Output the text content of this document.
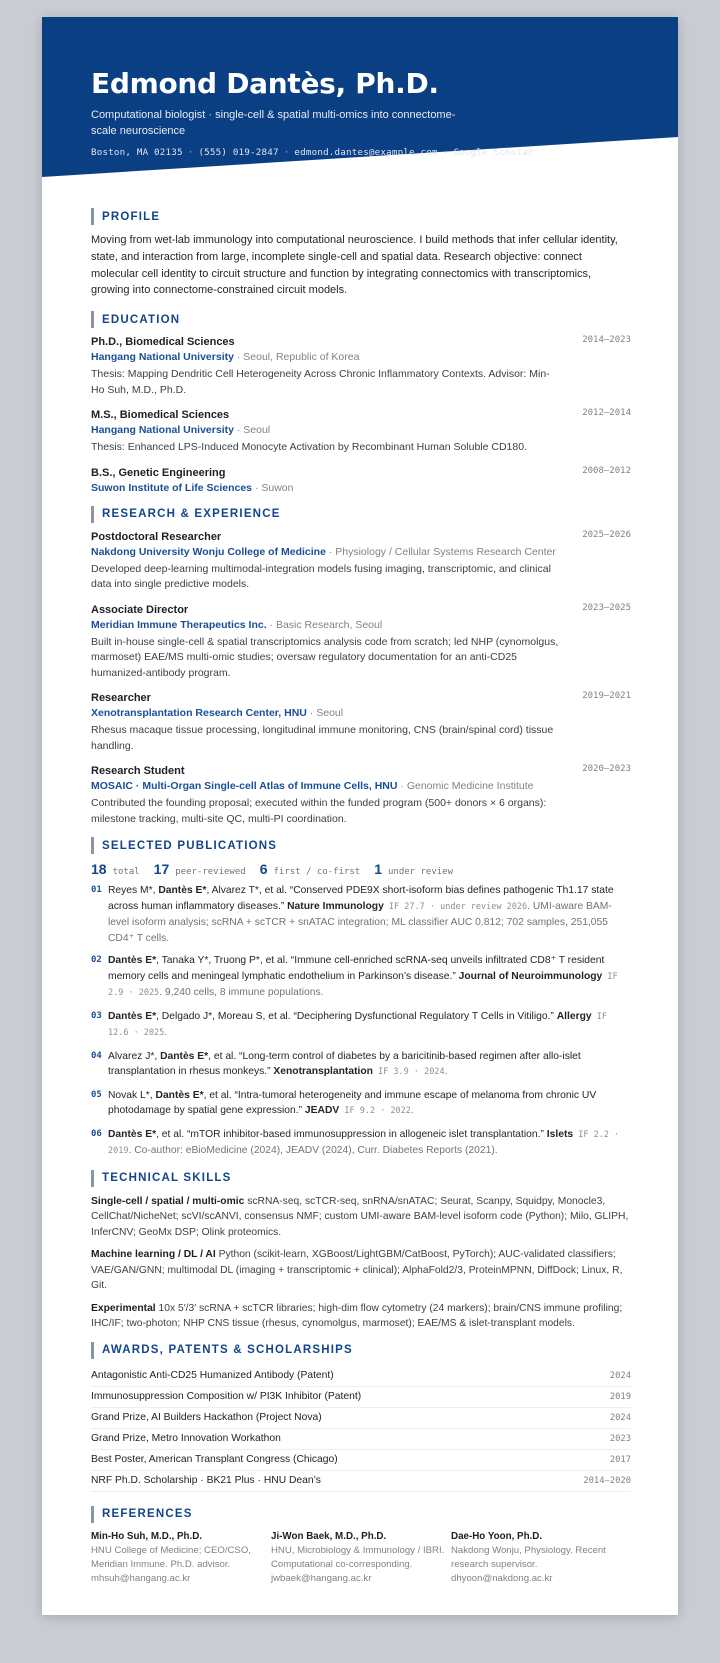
Edmond Dantès, Ph.D.
Computational biologist · single-cell & spatial multi-omics into connectome-scale neuroscience
Boston, MA 02135 · (555) 019-2847 · edmond.dantes@example.com · Google Scholar
PROFILE
Moving from wet-lab immunology into computational neuroscience. I build methods that infer cellular identity, state, and interaction from large, incomplete single-cell and spatial data. Research objective: connect molecular cell identity to circuit structure and function by integrating connectomics with transcriptomics, growing into connectome-constrained circuit models.
EDUCATION
Ph.D., Biomedical Sciences	2014–2023
Hangang National University · Seoul, Republic of Korea
Thesis: Mapping Dendritic Cell Heterogeneity Across Chronic Inflammatory Contexts. Advisor: Min-Ho Suh, M.D., Ph.D.
M.S., Biomedical Sciences	2012–2014
Hangang National University · Seoul
Thesis: Enhanced LPS-Induced Monocyte Activation by Recombinant Human Soluble CD180.
B.S., Genetic Engineering	2008–2012
Suwon Institute of Life Sciences · Suwon
RESEARCH & EXPERIENCE
Postdoctoral Researcher	2025–2026
Nakdong University Wonju College of Medicine · Physiology / Cellular Systems Research Center
Developed deep-learning multimodal-integration models fusing imaging, transcriptomic, and clinical data into single predictive models.
Associate Director	2023–2025
Meridian Immune Therapeutics Inc. · Basic Research, Seoul
Built in-house single-cell & spatial transcriptomics analysis code from scratch; led NHP (cynomolgus, marmoset) EAE/MS multi-omic studies; oversaw regulatory documentation for an anti-CD25 humanized-antibody program.
Researcher	2019–2021
Xenotransplantation Research Center, HNU · Seoul
Rhesus macaque tissue processing, longitudinal immune monitoring, CNS (brain/spinal cord) tissue handling.
Research Student	2020–2023
MOSAIC · Multi-Organ Single-cell Atlas of Immune Cells, HNU · Genomic Medicine Institute
Contributed the founding proposal; executed within the funded program (500+ donors × 6 organs): milestone tracking, multi-site QC, multi-PI coordination.
SELECTED PUBLICATIONS
18 total 17 peer-reviewed 6 first / co-first 1 under review
01 Reyes M*, Dantès E*, Alvarez T*, et al. “Conserved PDE9X short-isoform bias defines pathogenic Th1.17 state across human inflammatory diseases.” Nature Immunology IF 27.7 · under review 2026. UMI-aware BAM-level isoform analysis; scRNA + scTCR + snATAC integration; ML classifier AUC 0.812; 702 samples, 251,055 CD4⁺ T cells.
02 Dantès E*, Tanaka Y*, Truong P*, et al. “Immune cell-enriched scRNA-seq unveils infiltrated CD8⁺ T resident memory cells and meningeal lymphatic endothelium in Parkinson’s disease.” Journal of Neuroimmunology IF 2.9 · 2025. 9,240 cells, 8 immune populations.
03 Dantès E*, Delgado J*, Moreau S, et al. “Deciphering Dysfunctional Regulatory T Cells in Vitiligo.” Allergy IF 12.6 · 2025.
04 Alvarez J*, Dantès E*, et al. “Long-term control of diabetes by a baricitinib-based regimen after allo-islet transplantation in rhesus monkeys.” Xenotransplantation IF 3.9 · 2024.
05 Novak L*, Dantès E*, et al. “Intra-tumoral heterogeneity and immune escape of melanoma from chronic UV photodamage by spatial gene expression.” JEADV IF 9.2 · 2022.
06 Dantès E*, et al. “mTOR inhibitor-based immunosuppression in allogeneic islet transplantation.” Islets IF 2.2 · 2019. Co-author: eBioMedicine (2024), JEADV (2024), Curr. Diabetes Reports (2021).
TECHNICAL SKILLS
Single-cell / spatial / multi-omic scRNA-seq, scTCR-seq, snRNA/snATAC; Seurat, Scanpy, Squidpy, Monocle3, CellChat/NicheNet; scVI/scANVI, consensus NMF; custom UMI-aware BAM-level isoform code (Python); Milo, GLIPH, InferCNV; GeoMx DSP; Olink proteomics.
Machine learning / DL / AI Python (scikit-learn, XGBoost/LightGBM/CatBoost, PyTorch); AUC-validated classifiers; VAE/GAN/GNN; multimodal DL (imaging + transcriptomic + clinical); AlphaFold2/3, ProteinMPNN, DiffDock; Linux, R, Git.
Experimental 10x 5′/3′ scRNA + scTCR libraries; high-dim flow cytometry (24 markers); brain/CNS immune profiling; IHC/IF; two-photon; NHP CNS tissue (rhesus, cynomolgus, marmoset); EAE/MS & islet-transplant models.
AWARDS, PATENTS & SCHOLARSHIPS
Antagonistic Anti-CD25 Humanized Antibody (Patent)	2024
Immunosuppression Composition w/ PI3K Inhibitor (Patent)	2019
Grand Prize, AI Builders Hackathon (Project Nova)	2024
Grand Prize, Metro Innovation Workathon	2023
Best Poster, American Transplant Congress (Chicago)	2017
NRF Ph.D. Scholarship · BK21 Plus · HNU Dean’s	2014–2020
REFERENCES
Min-Ho Suh, M.D., Ph.D.
HNU College of Medicine; CEO/CSO, Meridian Immune. Ph.D. advisor.
mhsuh@hangang.ac.kr
Ji-Won Baek, M.D., Ph.D.
HNU, Microbiology & Immunology / IBRI. Computational co-corresponding.
jwbaek@hangang.ac.kr
Dae-Ho Yoon, Ph.D.
Nakdong Wonju, Physiology. Recent research supervisor.
dhyoon@nakdong.ac.kr
